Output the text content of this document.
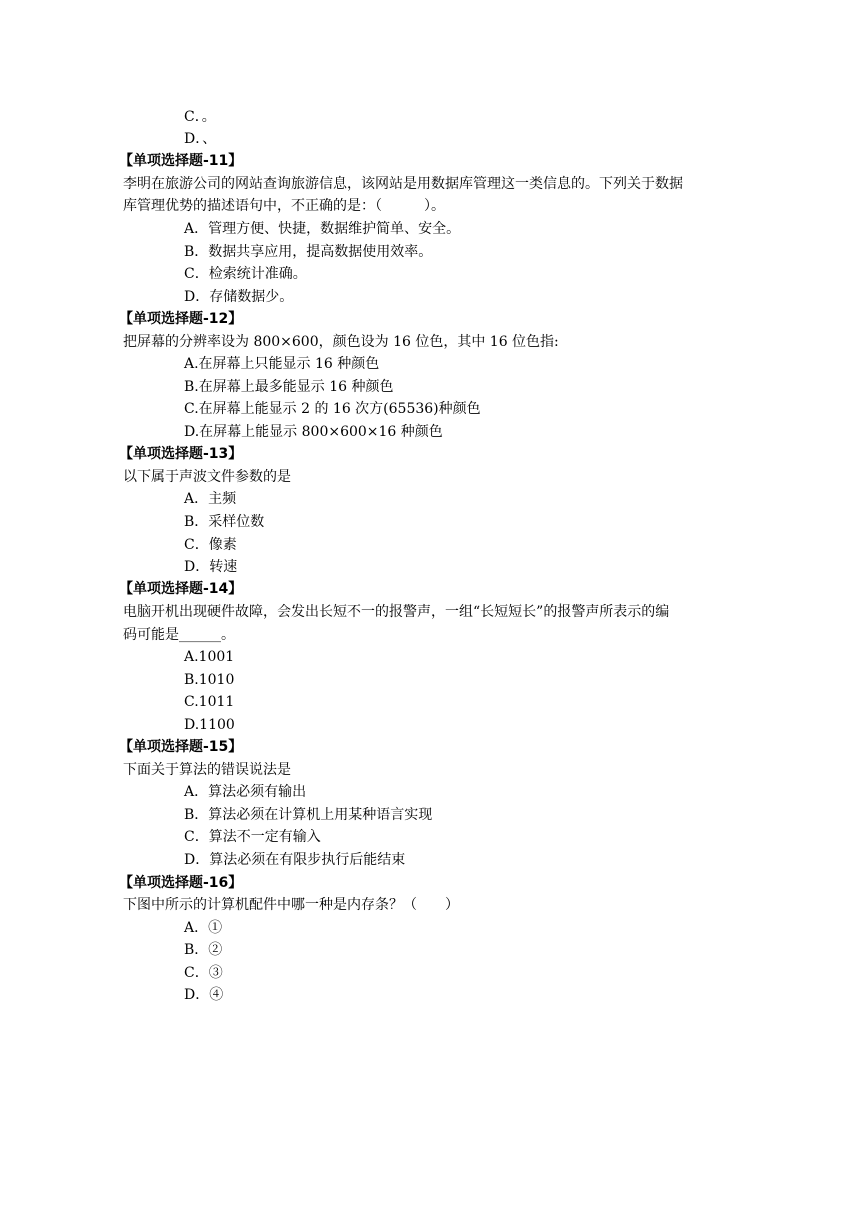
C．。
D．、
【单项选择题-11】
李明在旅游公司的网站查询旅游信息，该网站是用数据库管理这一类信息的。下列关于数据
库管理优势的描述语句中，不正确的是：（　　　）。
A．管理方便、快捷，数据维护简单、安全。
B．数据共享应用，提高数据使用效率。
C．检索统计准确。
D．存储数据少。
【单项选择题-12】
把屏幕的分辨率设为 800×600，颜色设为 16 位色，其中 16 位色指:
A.在屏幕上只能显示 16 种颜色
B.在屏幕上最多能显示 16 种颜色
C.在屏幕上能显示 2 的 16 次方(65536)种颜色
D.在屏幕上能显示 800×600×16 种颜色
【单项选择题-13】
以下属于声波文件参数的是
A．主频
B．采样位数
C．像素
D．转速
【单项选择题-14】
电脑开机出现硬件故障，会发出长短不一的报警声，一组“长短短长”的报警声所表示的编
码可能是______。
A.1001
B.1010
C.1011
D.1100
【单项选择题-15】
下面关于算法的错误说法是
A．算法必须有输出
B．算法必须在计算机上用某种语言实现
C．算法不一定有输入
D．算法必须在有限步执行后能结束
【单项选择题-16】
下图中所示的计算机配件中哪一种是内存条？（　　）
A．①
B．②
C．③
D．④
